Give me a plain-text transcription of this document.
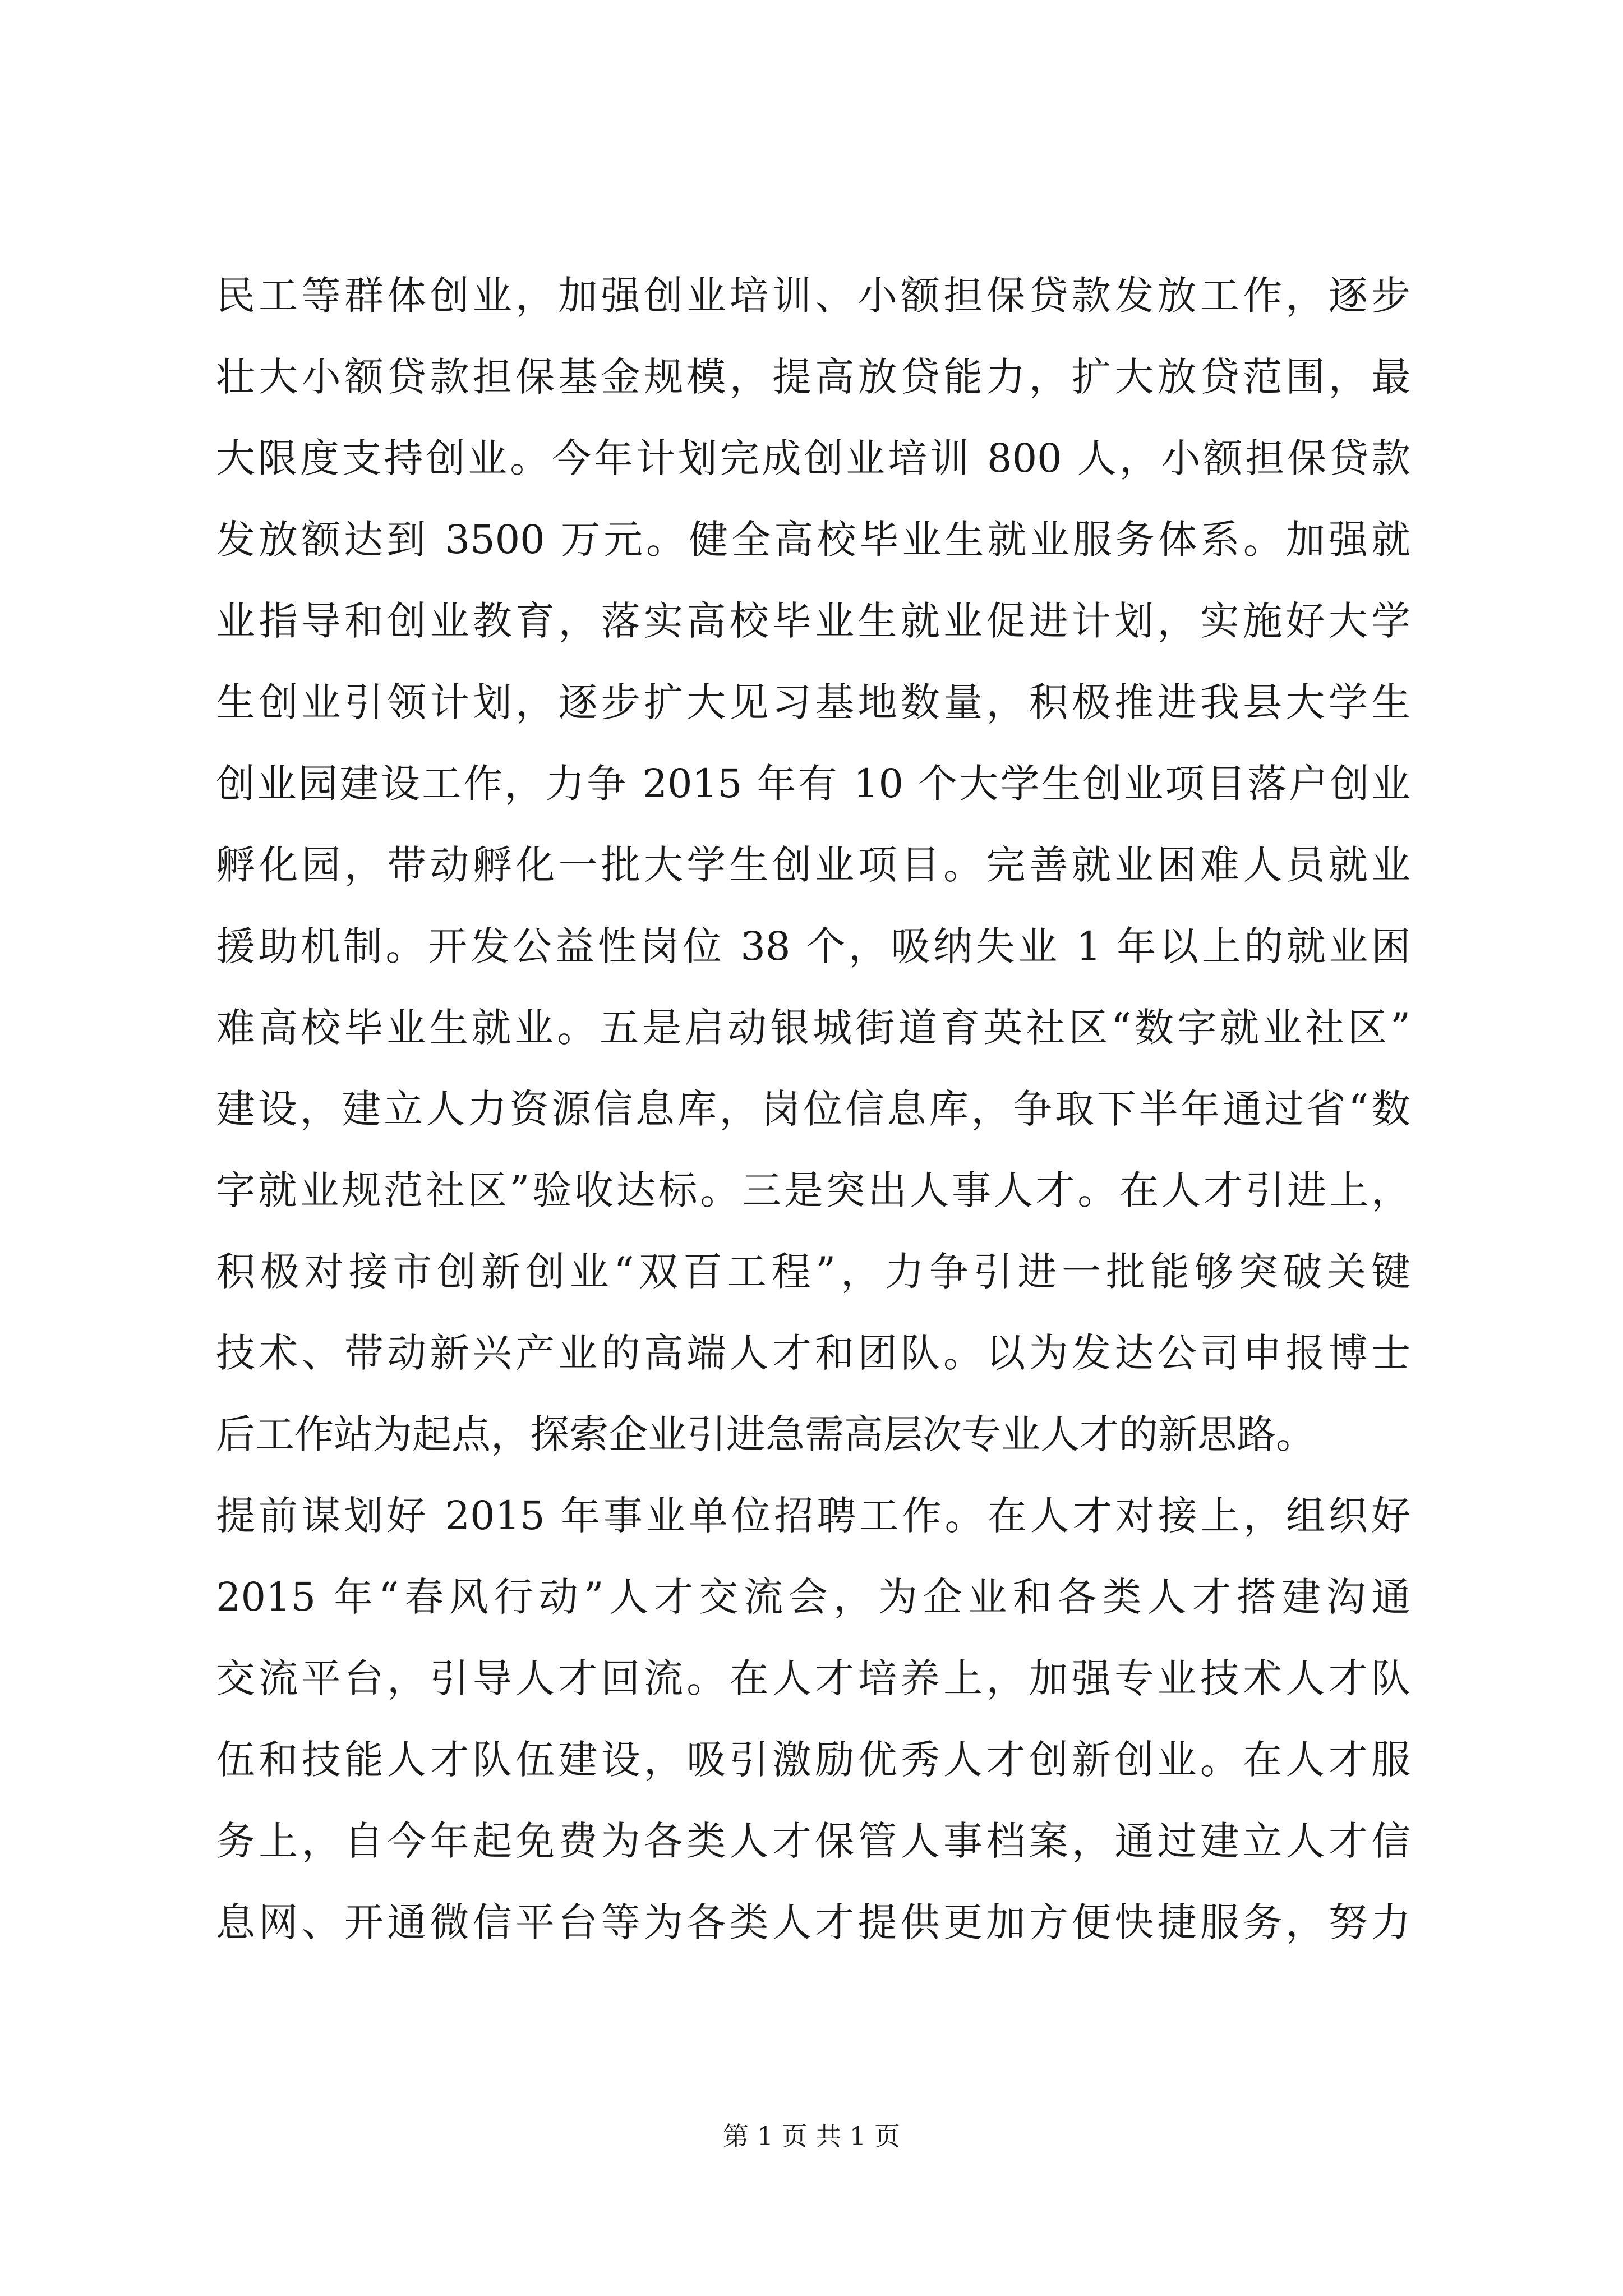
民工等群体创业，加强创业培训、小额担保贷款发放工作，逐步
壮大小额贷款担保基金规模，提高放贷能力，扩大放贷范围，最
大限度支持创业。今年计划完成创业培训 800 人，小额担保贷款
发放额达到 3500 万元。健全高校毕业生就业服务体系。加强就
业指导和创业教育，落实高校毕业生就业促进计划，实施好大学
生创业引领计划，逐步扩大见习基地数量，积极推进我县大学生
创业园建设工作，力争 2015 年有 10 个大学生创业项目落户创业
孵化园，带动孵化一批大学生创业项目。完善就业困难人员就业
援助机制。开发公益性岗位 38 个，吸纳失业 1 年以上的就业困
难高校毕业生就业。五是启动银城街道育英社区“数字就业社区”
建设，建立人力资源信息库，岗位信息库，争取下半年通过省“数
字就业规范社区”验收达标。三是突出人事人才。在人才引进上，
积极对接市创新创业“双百工程”，力争引进一批能够突破关键
技术、带动新兴产业的高端人才和团队。以为发达公司申报博士
后工作站为起点，探索企业引进急需高层次专业人才的新思路。
提前谋划好 2015 年事业单位招聘工作。在人才对接上，组织好
2015 年“春风行动”人才交流会，为企业和各类人才搭建沟通
交流平台，引导人才回流。在人才培养上，加强专业技术人才队
伍和技能人才队伍建设，吸引激励优秀人才创新创业。在人才服
务上，自今年起免费为各类人才保管人事档案，通过建立人才信
息网、开通微信平台等为各类人才提供更加方便快捷服务，努力
第 1 页 共 1 页
